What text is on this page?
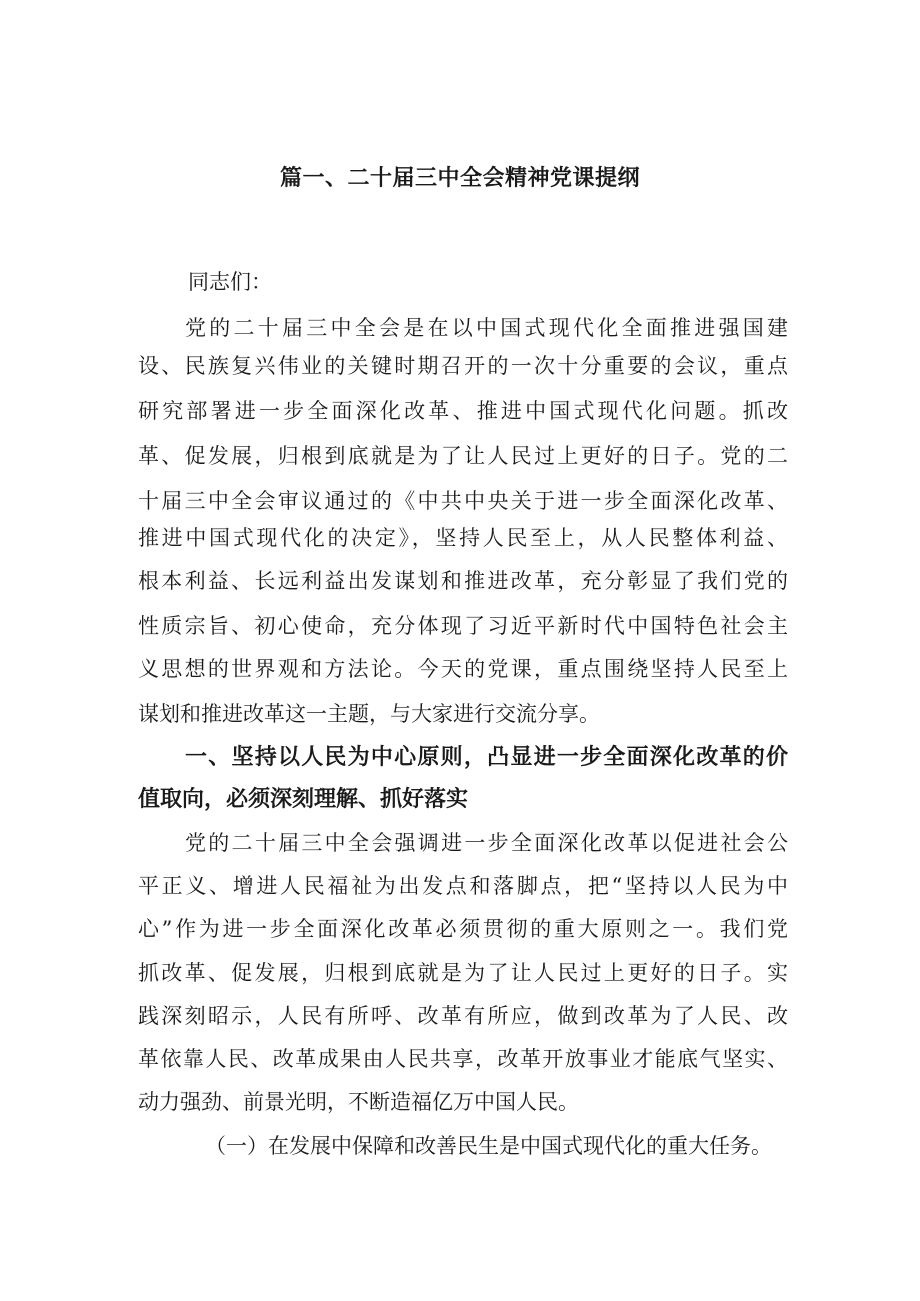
篇一、二十届三中全会精神党课提纲
同志们：
党的二十届三中全会是在以中国式现代化全面推进强国建
设、民族复兴伟业的关键时期召开的一次十分重要的会议，重点
研究部署进一步全面深化改革、推进中国式现代化问题。抓改
革、促发展，归根到底就是为了让人民过上更好的日子。党的二
十届三中全会审议通过的《中共中央关于进一步全面深化改革、
推进中国式现代化的决定》，坚持人民至上，从人民整体利益、
根本利益、长远利益出发谋划和推进改革，充分彰显了我们党的
性质宗旨、初心使命，充分体现了习近平新时代中国特色社会主
义思想的世界观和方法论。今天的党课，重点围绕坚持人民至上
谋划和推进改革这一主题，与大家进行交流分享。
一、坚持以人民为中心原则，凸显进一步全面深化改革的价
值取向，必须深刻理解、抓好落实
党的二十届三中全会强调进一步全面深化改革以促进社会公
平正义、增进人民福祉为出发点和落脚点，把“坚持以人民为中
心”作为进一步全面深化改革必须贯彻的重大原则之一。我们党
抓改革、促发展，归根到底就是为了让人民过上更好的日子。实
践深刻昭示，人民有所呼、改革有所应，做到改革为了人民、改
革依靠人民、改革成果由人民共享，改革开放事业才能底气坚实、
动力强劲、前景光明，不断造福亿万中国人民。
（一）在发展中保障和改善民生是中国式现代化的重大任务。
